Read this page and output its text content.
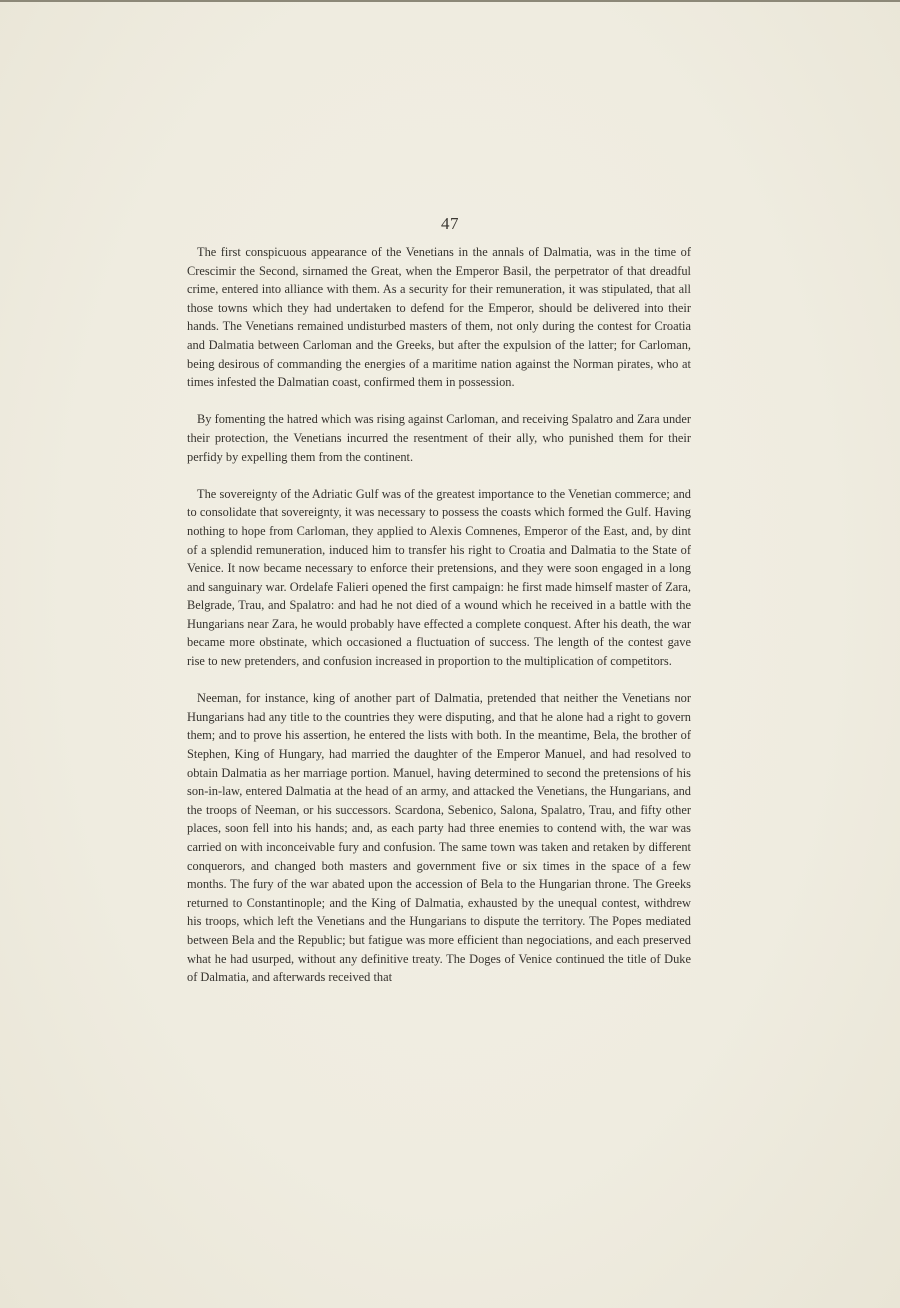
47

The first conspicuous appearance of the Venetians in the annals of Dalmatia, was in the time of Crescimir the Second, sirnamed the Great, when the Emperor Basil, the perpetrator of that dreadful crime, entered into alliance with them. As a security for their remuneration, it was stipulated, that all those towns which they had undertaken to defend for the Emperor, should be delivered into their hands. The Venetians remained undisturbed masters of them, not only during the contest for Croatia and Dalmatia between Carloman and the Greeks, but after the expulsion of the latter; for Carloman, being desirous of commanding the energies of a maritime nation against the Norman pirates, who at times infested the Dalmatian coast, confirmed them in possession.

By fomenting the hatred which was rising against Carloman, and receiving Spalatro and Zara under their protection, the Venetians incurred the resentment of their ally, who punished them for their perfidy by expelling them from the continent.

The sovereignty of the Adriatic Gulf was of the greatest importance to the Venetian commerce; and to consolidate that sovereignty, it was necessary to possess the coasts which formed the Gulf. Having nothing to hope from Carloman, they applied to Alexis Comnenes, Emperor of the East, and, by dint of a splendid remuneration, induced him to transfer his right to Croatia and Dalmatia to the State of Venice. It now became necessary to enforce their pretensions, and they were soon engaged in a long and sanguinary war. Ordelafe Falieri opened the first campaign: he first made himself master of Zara, Belgrade, Trau, and Spalatro: and had he not died of a wound which he received in a battle with the Hungarians near Zara, he would probably have effected a complete conquest. After his death, the war became more obstinate, which occasioned a fluctuation of success. The length of the contest gave rise to new pretenders, and confusion increased in proportion to the multiplication of competitors.

Neeman, for instance, king of another part of Dalmatia, pretended that neither the Venetians nor Hungarians had any title to the countries they were disputing, and that he alone had a right to govern them; and to prove his assertion, he entered the lists with both. In the meantime, Bela, the brother of Stephen, King of Hungary, had married the daughter of the Emperor Manuel, and had resolved to obtain Dalmatia as her marriage portion. Manuel, having determined to second the pretensions of his son-in-law, entered Dalmatia at the head of an army, and attacked the Venetians, the Hungarians, and the troops of Neeman, or his successors. Scardona, Sebenico, Salona, Spalatro, Trau, and fifty other places, soon fell into his hands; and, as each party had three enemies to contend with, the war was carried on with inconceivable fury and confusion. The same town was taken and retaken by different conquerors, and changed both masters and government five or six times in the space of a few months. The fury of the war abated upon the accession of Bela to the Hungarian throne. The Greeks returned to Constantinople; and the King of Dalmatia, exhausted by the unequal contest, withdrew his troops, which left the Venetians and the Hungarians to dispute the territory. The Popes mediated between Bela and the Republic; but fatigue was more efficient than negociations, and each preserved what he had usurped, without any definitive treaty. The Doges of Venice continued the title of Duke of Dalmatia, and afterwards received that
